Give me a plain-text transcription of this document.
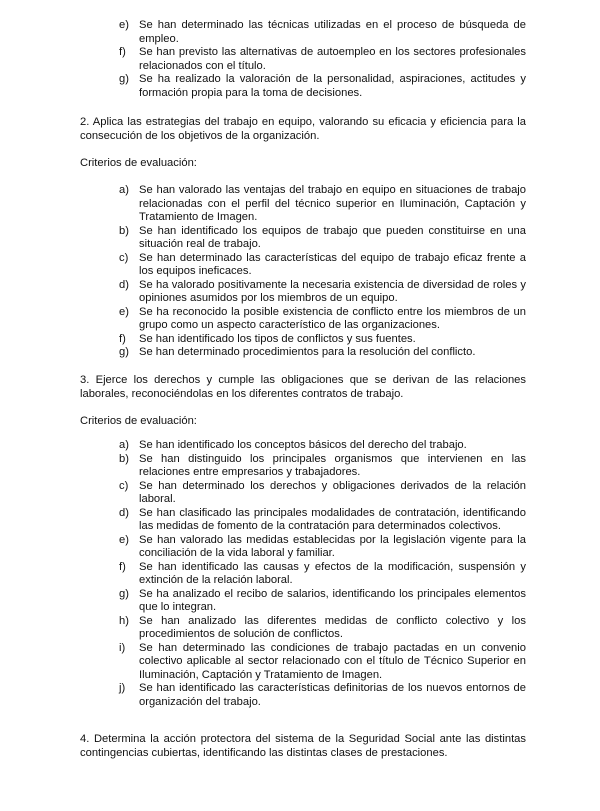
e) Se han determinado las técnicas utilizadas en el proceso de búsqueda de empleo.
f) Se han previsto las alternativas de autoempleo en los sectores profesionales relacionados con el título.
g) Se ha realizado la valoración de la personalidad, aspiraciones, actitudes y formación propia para la toma de decisiones.

2. Aplica las estrategias del trabajo en equipo, valorando su eficacia y eficiencia para la consecución de los objetivos de la organización.

Criterios de evaluación:

a) Se han valorado las ventajas del trabajo en equipo en situaciones de trabajo relacionadas con el perfil del técnico superior en Iluminación, Captación y Tratamiento de Imagen.
b) Se han identificado los equipos de trabajo que pueden constituirse en una situación real de trabajo.
c) Se han determinado las características del equipo de trabajo eficaz frente a los equipos ineficaces.
d) Se ha valorado positivamente la necesaria existencia de diversidad de roles y opiniones asumidos por los miembros de un equipo.
e) Se ha reconocido la posible existencia de conflicto entre los miembros de un grupo como un aspecto característico de las organizaciones.
f) Se han identificado los tipos de conflictos y sus fuentes.
g) Se han determinado procedimientos para la resolución del conflicto.

3. Ejerce los derechos y cumple las obligaciones que se derivan de las relaciones laborales, reconociéndolas en los diferentes contratos de trabajo.

Criterios de evaluación:

a) Se han identificado los conceptos básicos del derecho del trabajo.
b) Se han distinguido los principales organismos que intervienen en las relaciones entre empresarios y trabajadores.
c) Se han determinado los derechos y obligaciones derivados de la relación laboral.
d) Se han clasificado las principales modalidades de contratación, identificando las medidas de fomento de la contratación para determinados colectivos.
e) Se han valorado las medidas establecidas por la legislación vigente para la conciliación de la vida laboral y familiar.
f) Se han identificado las causas y efectos de la modificación, suspensión y extinción de la relación laboral.
g) Se ha analizado el recibo de salarios, identificando los principales elementos que lo integran.
h) Se han analizado las diferentes medidas de conflicto colectivo y los procedimientos de solución de conflictos.
i) Se han determinado las condiciones de trabajo pactadas en un convenio colectivo aplicable al sector relacionado con el título de Técnico Superior en Iluminación, Captación y Tratamiento de Imagen.
j) Se han identificado las características definitorias de los nuevos entornos de organización del trabajo.

4. Determina la acción protectora del sistema de la Seguridad Social ante las distintas contingencias cubiertas, identificando las distintas clases de prestaciones.
